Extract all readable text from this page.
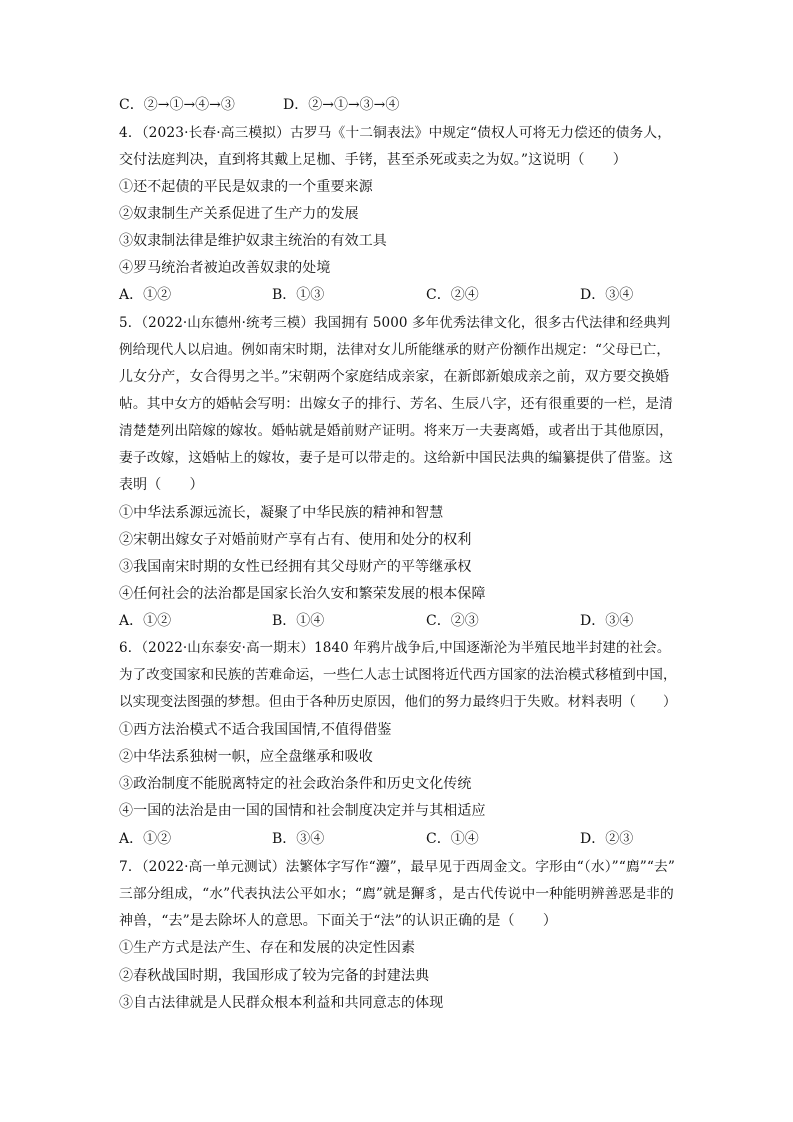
C．②→①→④→③	D．②→①→③→④
4．（2023·长春·高三模拟）古罗马《十二铜表法》中规定“债权人可将无力偿还的债务人，
交付法庭判决，直到将其戴上足枷、手铐，甚至杀死或卖之为奴。”这说明（　　）
①还不起债的平民是奴隶的一个重要来源
②奴隶制生产关系促进了生产力的发展
③奴隶制法律是维护奴隶主统治的有效工具
④罗马统治者被迫改善奴隶的处境
A．①②	B．①③	C．②④	D．③④
5．（2022·山东德州·统考三模）我国拥有 5000 多年优秀法律文化，很多古代法律和经典判
例给现代人以启迪。例如南宋时期，法律对女儿所能继承的财产份额作出规定：“父母已亡，
儿女分产，女合得男之半。”宋朝两个家庭结成亲家，在新郎新娘成亲之前，双方要交换婚
帖。其中女方的婚帖会写明：出嫁女子的排行、芳名、生辰八字，还有很重要的一栏，是清
清楚楚列出陪嫁的嫁妆。婚帖就是婚前财产证明。将来万一夫妻离婚，或者出于其他原因，
妻子改嫁，这婚帖上的嫁妆，妻子是可以带走的。这给新中国民法典的编纂提供了借鉴。这
表明（　　）
①中华法系源远流长，凝聚了中华民族的精神和智慧
②宋朝出嫁女子对婚前财产享有占有、使用和处分的权利
③我国南宋时期的女性已经拥有其父母财产的平等继承权
④任何社会的法治都是国家长治久安和繁荣发展的根本保障
A．①②	B．①④	C．②③	D．③④
6．（2022·山东泰安·高一期末）1840 年鸦片战争后,中国逐渐沦为半殖民地半封建的社会。
为了改变国家和民族的苦难命运，一些仁人志士试图将近代西方国家的法治模式移植到中国，
以实现变法图强的梦想。但由于各种历史原因，他们的努力最终归于失败。材料表明（　　）
①西方法治模式不适合我国国情,不值得借鉴
②中华法系独树一帜，应全盘继承和吸收
③政治制度不能脱离特定的社会政治条件和历史文化传统
④一国的法治是由一国的国情和社会制度决定并与其相适应
A．①②	B．③④	C．①④	D．②③
7．（2022·高一单元测试）法繁体字写作“灋”，最早见于西周金文。字形由“（水）”“廌”“去”
三部分组成，“水”代表执法公平如水；“廌”就是獬豸，是古代传说中一种能明辨善恶是非的
神兽，“去”是去除坏人的意思。下面关于“法”的认识正确的是（　　）
①生产方式是法产生、存在和发展的决定性因素
②春秋战国时期，我国形成了较为完备的封建法典
③自古法律就是人民群众根本利益和共同意志的体现
